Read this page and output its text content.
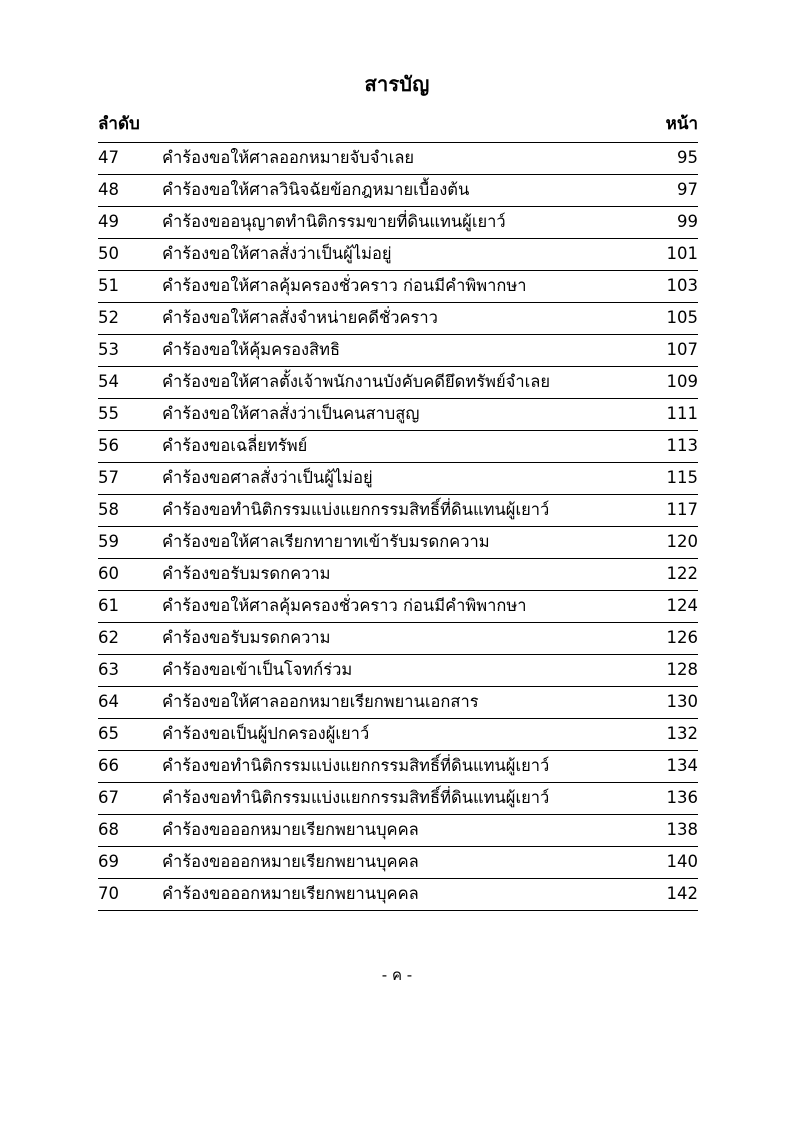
สารบัญ
ลำดับ		หน้า
47	คำร้องขอให้ศาลออกหมายจับจำเลย	95
48	คำร้องขอให้ศาลวินิจฉัยข้อกฎหมายเบื้องต้น	97
49	คำร้องขออนุญาตทำนิติกรรมขายที่ดินแทนผู้เยาว์	99
50	คำร้องขอให้ศาลสั่งว่าเป็นผู้ไม่อยู่	101
51	คำร้องขอให้ศาลคุ้มครองชั่วคราว ก่อนมีคำพิพากษา	103
52	คำร้องขอให้ศาลสั่งจำหน่ายคดีชั่วคราว	105
53	คำร้องขอให้คุ้มครองสิทธิ	107
54	คำร้องขอให้ศาลตั้งเจ้าพนักงานบังคับคดียึดทรัพย์จำเลย	109
55	คำร้องขอให้ศาลสั่งว่าเป็นคนสาบสูญ	111
56	คำร้องขอเฉลี่ยทรัพย์	113
57	คำร้องขอศาลสั่งว่าเป็นผู้ไม่อยู่	115
58	คำร้องขอทำนิติกรรมแบ่งแยกกรรมสิทธิ์ที่ดินแทนผู้เยาว์	117
59	คำร้องขอให้ศาลเรียกทายาทเข้ารับมรดกความ	120
60	คำร้องขอรับมรดกความ	122
61	คำร้องขอให้ศาลคุ้มครองชั่วคราว ก่อนมีคำพิพากษา	124
62	คำร้องขอรับมรดกความ	126
63	คำร้องขอเข้าเป็นโจทก์ร่วม	128
64	คำร้องขอให้ศาลออกหมายเรียกพยานเอกสาร	130
65	คำร้องขอเป็นผู้ปกครองผู้เยาว์	132
66	คำร้องขอทำนิติกรรมแบ่งแยกกรรมสิทธิ์ที่ดินแทนผู้เยาว์	134
67	คำร้องขอทำนิติกรรมแบ่งแยกกรรมสิทธิ์ที่ดินแทนผู้เยาว์	136
68	คำร้องขอออกหมายเรียกพยานบุคคล	138
69	คำร้องขอออกหมายเรียกพยานบุคคล	140
70	คำร้องขอออกหมายเรียกพยานบุคคล	142
- ค -
